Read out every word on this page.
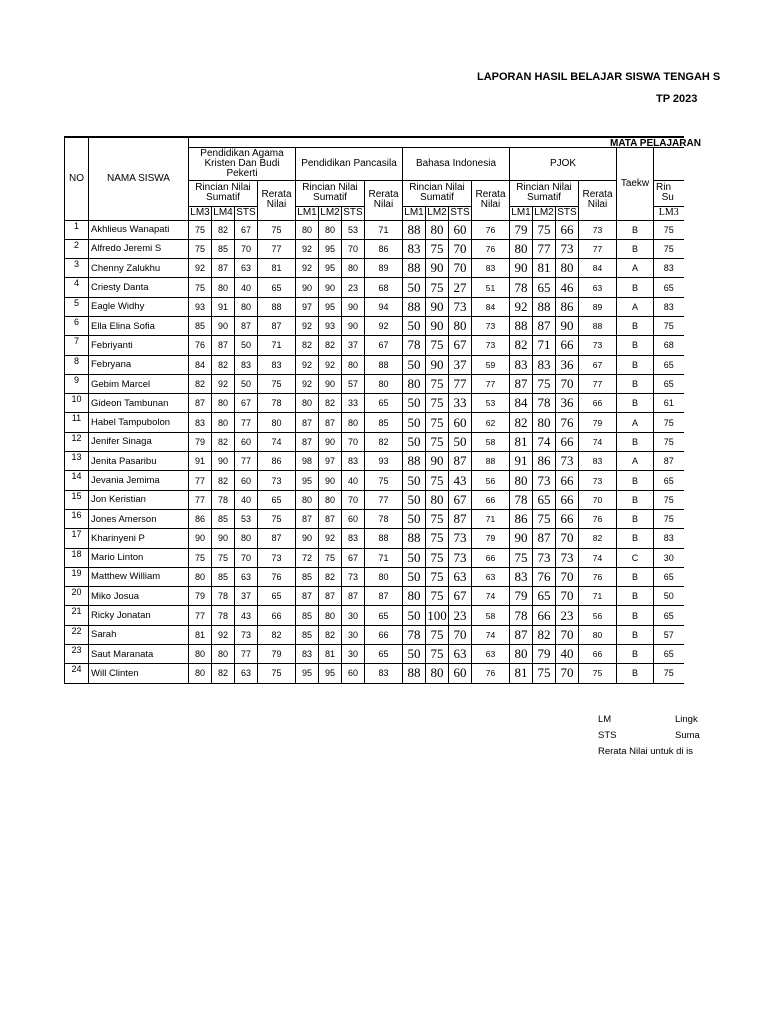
LAPORAN HASIL BELAJAR SISWA TENGAH S
TP 2023
NO	NAMA SISWA																		
		Pendidikan Agama Kristen Dan Budi Pekerti				Pendidikan Pancasila				Bahasa Indonesia				PJOK				Taekw	
		Rincian Nilai Sumatif			Rerata Nilai	Rincian Nilai Sumatif			Rerata Nilai	Rincian Nilai Sumatif			Rerata Nilai	Rincian Nilai Sumatif			Rerata Nilai		Rin
Su
		LM3	LM4	STS		LM1	LM2	STS		LM1	LM2	STS		LM1	LM2	STS			LM3
1	Akhlieus Wanapati	75	82	67	75	80	80	53	71	88	80	60	76	79	75	66	73	B	75
2	Alfredo Jeremi S	75	85	70	77	92	95	70	86	83	75	70	76	80	77	73	77	B	75
3	Chenny Zalukhu	92	87	63	81	92	95	80	89	88	90	70	83	90	81	80	84	A	83
4	Criesty Danta	75	80	40	65	90	90	23	68	50	75	27	51	78	65	46	63	B	65
5	Eagle Widhy	93	91	80	88	97	95	90	94	88	90	73	84	92	88	86	89	A	83
6	Ella Elina Sofia	85	90	87	87	92	93	90	92	50	90	80	73	88	87	90	88	B	75
7	Febriyanti	76	87	50	71	82	82	37	67	78	75	67	73	82	71	66	73	B	68
8	Febryana	84	82	83	83	92	92	80	88	50	90	37	59	83	83	36	67	B	65
9	Gebim Marcel	82	92	50	75	92	90	57	80	80	75	77	77	87	75	70	77	B	65
10	Gideon Tambunan	87	80	67	78	80	82	33	65	50	75	33	53	84	78	36	66	B	61
11	Habel Tampubolon	83	80	77	80	87	87	80	85	50	75	60	62	82	80	76	79	A	75
12	Jenifer Sinaga	79	82	60	74	87	90	70	82	50	75	50	58	81	74	66	74	B	75
13	Jenita Pasaribu	91	90	77	86	98	97	83	93	88	90	87	88	91	86	73	83	A	87
14	Jevania Jemima	77	82	60	73	95	90	40	75	50	75	43	56	80	73	66	73	B	65
15	Jon Keristian	77	78	40	65	80	80	70	77	50	80	67	66	78	65	66	70	B	75
16	Jones Amerson	86	85	53	75	87	87	60	78	50	75	87	71	86	75	66	76	B	75
17	Kharinyeni P	90	90	80	87	90	92	83	88	88	75	73	79	90	87	70	82	B	83
18	Mario Linton	75	75	70	73	72	75	67	71	50	75	73	66	75	73	73	74	C	30
19	Matthew William	80	85	63	76	85	82	73	80	50	75	63	63	83	76	70	76	B	65
20	Miko Josua	79	78	37	65	87	87	87	87	80	75	67	74	79	65	70	71	B	50
21	Ricky Jonatan	77	78	43	66	85	80	30	65	50	100	23	58	78	66	23	56	B	65
22	Sarah	81	92	73	82	85	82	30	66	78	75	70	74	87	82	70	80	B	57
23	Saut Maranata	80	80	77	79	83	81	30	65	50	75	63	63	80	79	40	66	B	65
24	Will Clinten	80	82	63	75	95	95	60	83	88	80	60	76	81	75	70	75	B	75
MATA PELAJARAN
LM	Lingk
STS	Suma
Rerata Nilai untuk di is
